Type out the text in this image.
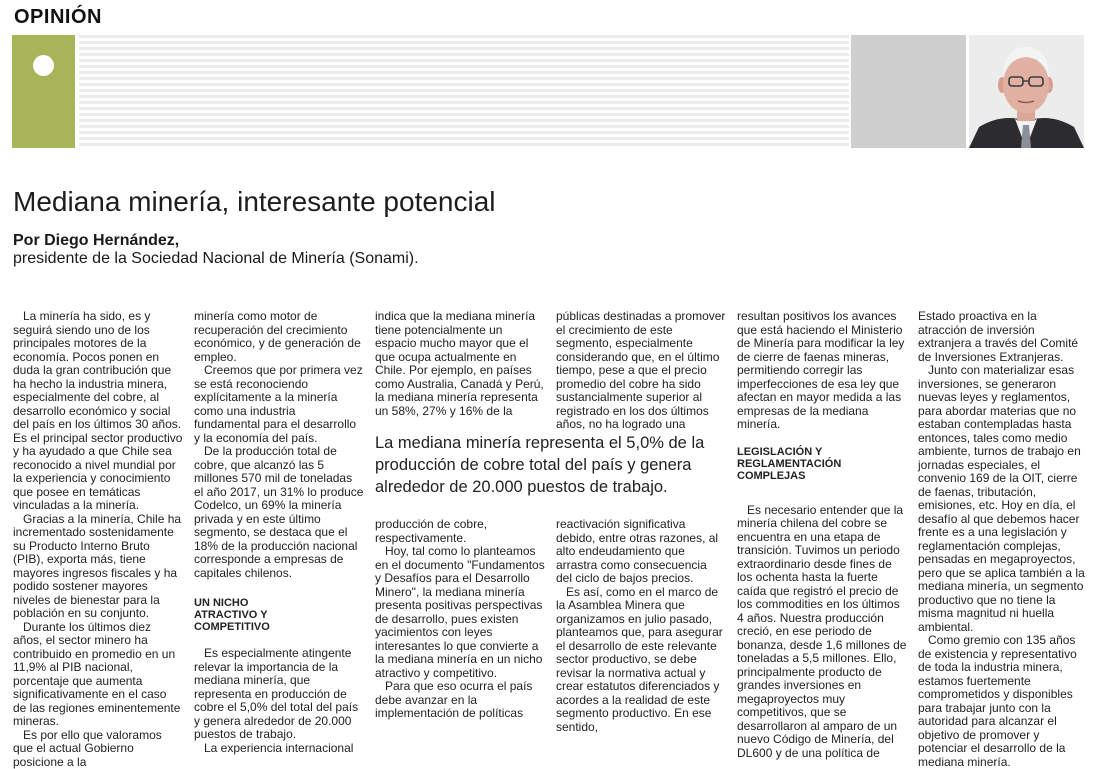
OPINIÓN
Mediana minería, interesante potencial
Por Diego Hernández,
presidente de la Sociedad Nacional de Minería (Sonami).

La minería ha sido, es y seguirá siendo uno de los principales motores de la economía. Pocos ponen en duda la gran contribución que ha hecho la industria minera, especialmente del cobre, al desarrollo económico y social del país en los últimos 30 años. Es el principal sector productivo y ha ayudado a que Chile sea reconocido a nivel mundial por la experiencia y conocimiento que posee en temáticas vinculadas a la minería.

Gracias a la minería, Chile ha incrementado sostenidamente su Producto Interno Bruto (PIB), exporta más, tiene mayores ingresos fiscales y ha podido sostener mayores niveles de bienestar para la población en su conjunto.

Durante los últimos diez años, el sector minero ha contribuido en promedio en un 11,9% al PIB nacional, porcentaje que aumenta significativamente en el caso de las regiones eminentemente mineras.

Es por ello que valoramos que el actual Gobierno posicione a la

minería como motor de recuperación del crecimiento económico, y de generación de empleo.

Creemos que por primera vez se está reconociendo explícitamente a la minería como una industria fundamental para el desarrollo y la economía del país.

De la producción total de cobre, que alcanzó las 5 millones 570 mil de toneladas el año 2017, un 31% lo produce Codelco, un 69% la minería privada y en este último segmento, se destaca que el 18% de la producción nacional corresponde a empresas de capitales chilenos.

UN NICHO ATRACTIVO Y COMPETITIVO

Es especialmente atingente relevar la importancia de la mediana minería, que representa en producción de cobre el 5,0% del total del país y genera alrededor de 20.000 puestos de trabajo.

La experiencia internacional

indica que la mediana minería tiene potencialmente un espacio mucho mayor que el que ocupa actualmente en Chile. Por ejemplo, en países como Australia, Canadá y Perú, la mediana minería representa un 58%, 27% y 16% de la

públicas destinadas a promover el crecimiento de este segmento, especialmente considerando que, en el último tiempo, pese a que el precio promedio del cobre ha sido sustancialmente superior al registrado en los dos últimos años, no ha logrado una

La mediana minería representa el 5,0% de la producción de cobre total del país y genera alrededor de 20.000 puestos de trabajo.

producción de cobre, respectivamente.

Hoy, tal como lo planteamos en el documento "Fundamentos y Desafíos para el Desarrollo Minero", la mediana minería presenta positivas perspectivas de desarrollo, pues existen yacimientos con leyes interesantes lo que convierte a la mediana minería en un nicho atractivo y competitivo.

Para que eso ocurra el país debe avanzar en la implementación de políticas

reactivación significativa debido, entre otras razones, al alto endeudamiento que arrastra como consecuencia del ciclo de bajos precios.

Es así, como en el marco de la Asamblea Minera que organizamos en julio pasado, planteamos que, para asegurar el desarrollo de este relevante sector productivo, se debe revisar la normativa actual y crear estatutos diferenciados y acordes a la realidad de este segmento productivo. En ese sentido,

resultan positivos los avances que está haciendo el Ministerio de Minería para modificar la ley de cierre de faenas mineras, permitiendo corregir las imperfecciones de esa ley que afectan en mayor medida a las empresas de la mediana minería.

LEGISLACIÓN Y REGLAMENTACIÓN COMPLEJAS

Es necesario entender que la minería chilena del cobre se encuentra en una etapa de transición. Tuvimos un periodo extraordinario desde fines de los ochenta hasta la fuerte caída que registró el precio de los commodities en los últimos 4 años. Nuestra producción creció, en ese periodo de bonanza, desde 1,6 millones de toneladas a 5,5 millones. Ello, principalmente producto de grandes inversiones en megaproyectos muy competitivos, que se desarrollaron al amparo de un nuevo Código de Minería, del DL600 y de una política de

Estado proactiva en la atracción de inversión extranjera a través del Comité de Inversiones Extranjeras.

Junto con materializar esas inversiones, se generaron nuevas leyes y reglamentos, para abordar materias que no estaban contempladas hasta entonces, tales como medio ambiente, turnos de trabajo en jornadas especiales, el convenio 169 de la OIT, cierre de faenas, tributación, emisiones, etc. Hoy en día, el desafío al que debemos hacer frente es a una legislación y reglamentación complejas, pensadas en megaproyectos, pero que se aplica también a la mediana minería, un segmento productivo que no tiene la misma magnitud ni huella ambiental.

Como gremio con 135 años de existencia y representativo de toda la industria minera, estamos fuertemente comprometidos y disponibles para trabajar junto con la autoridad para alcanzar el objetivo de promover y potenciar el desarrollo de la mediana minería.
